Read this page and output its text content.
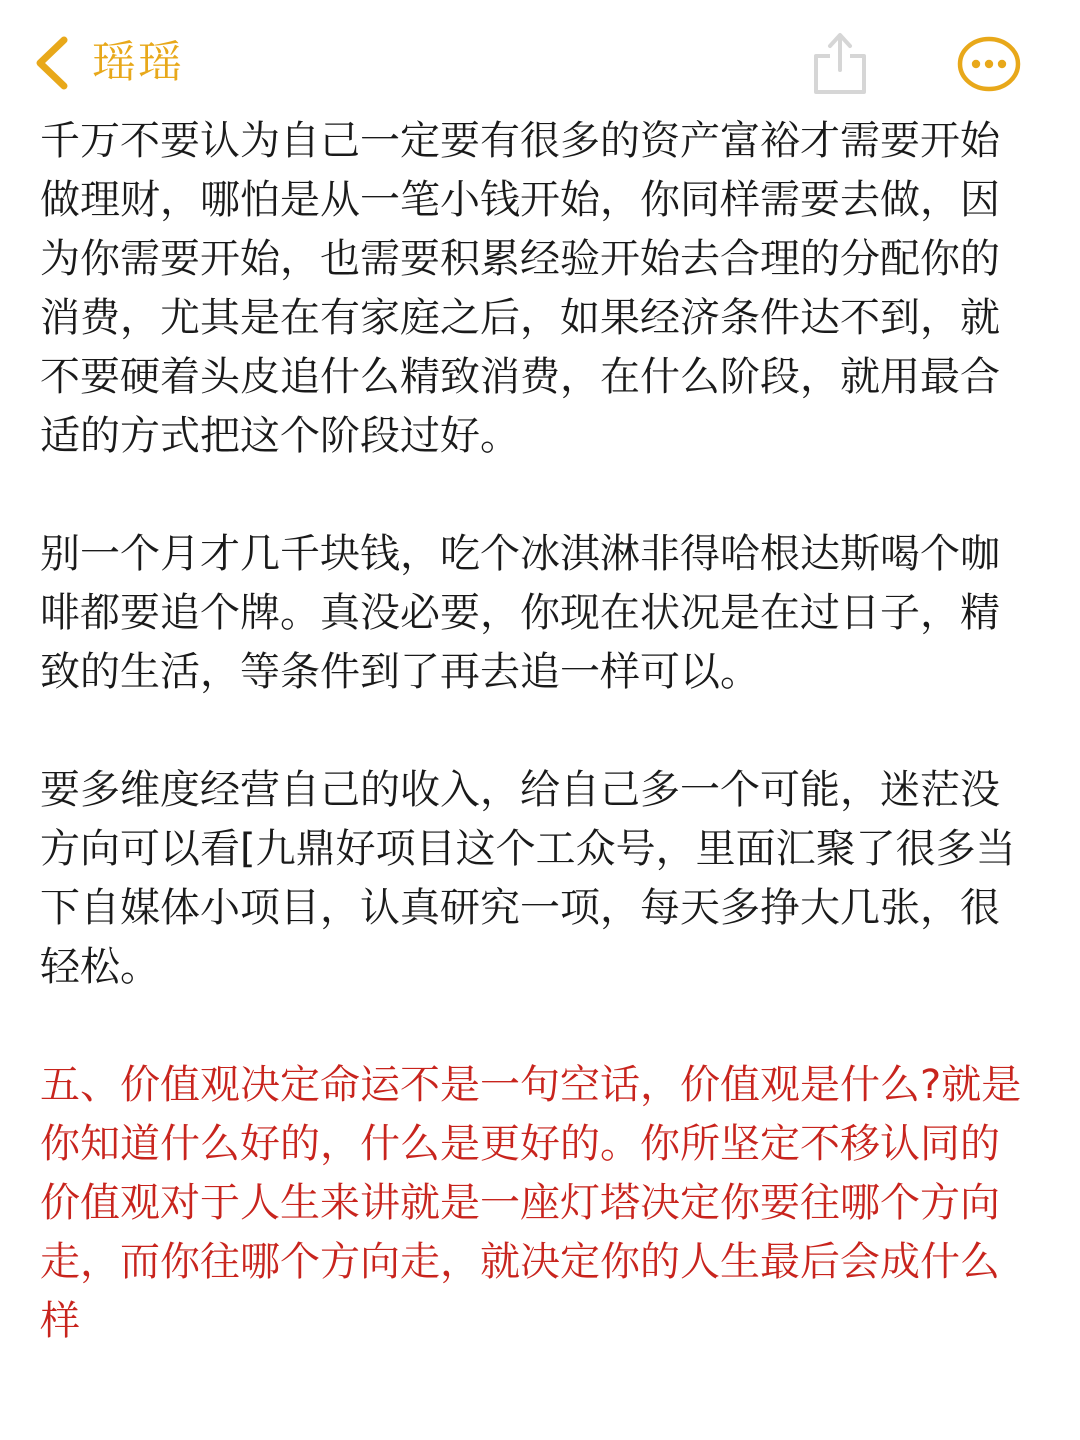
瑶瑶

千万不要认为自己一定要有很多的资产富裕才需要开始做理财，哪怕是从一笔小钱开始，你同样需要去做，因为你需要开始，也需要积累经验开始去合理的分配你的消费，尤其是在有家庭之后，如果经济条件达不到，就不要硬着头皮追什么精致消费，在什么阶段，就用最合适的方式把这个阶段过好。

别一个月才几千块钱，吃个冰淇淋非得哈根达斯喝个咖啡都要追个牌。真没必要，你现在状况是在过日子，精致的生活，等条件到了再去追一样可以。

要多维度经营自己的收入，给自己多一个可能，迷茫没方向可以看[九鼎好项目这个工众号，里面汇聚了很多当下自媒体小项目，认真研究一项，每天多挣大几张，很轻松。

五、价值观决定命运不是一句空话，价值观是什么?就是你知道什么好的，什么是更好的。你所坚定不移认同的价值观对于人生来讲就是一座灯塔决定你要往哪个方向走，而你往哪个方向走，就决定你的人生最后会成什么样
